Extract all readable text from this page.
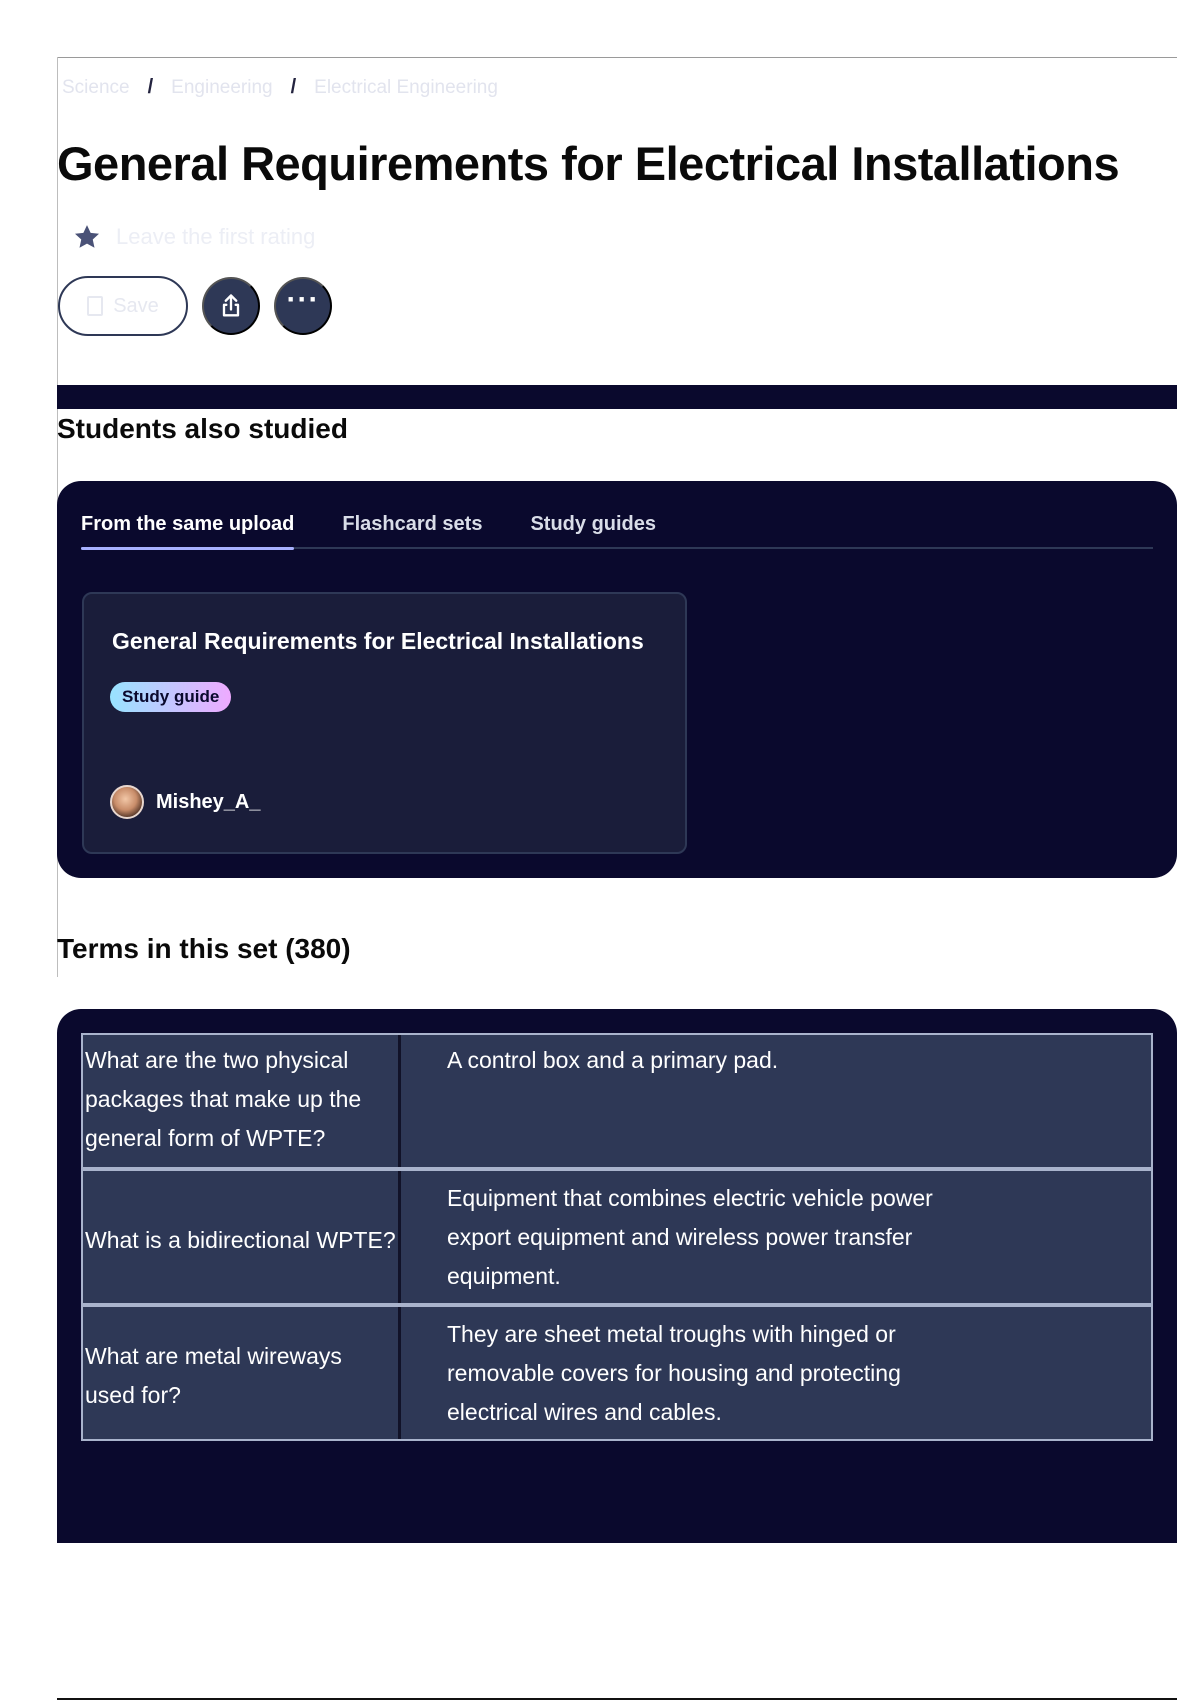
Science / Engineering / Electrical Engineering
General Requirements for Electrical Installations
Leave the first rating
Save	···
Students also studied
From the same upload Flashcard sets Study guides
General Requirements for Electrical Installations
Study guide
Mishey_A_
Terms in this set (380)
What are the two physical packages that make up the general form of WPTE?
A control box and a primary pad.
What is a bidirectional WPTE?
Equipment that combines electric vehicle power export equipment and wireless power transfer equipment.
What are metal wireways used for?
They are sheet metal troughs with hinged or removable covers for housing and protecting electrical wires and cables.
